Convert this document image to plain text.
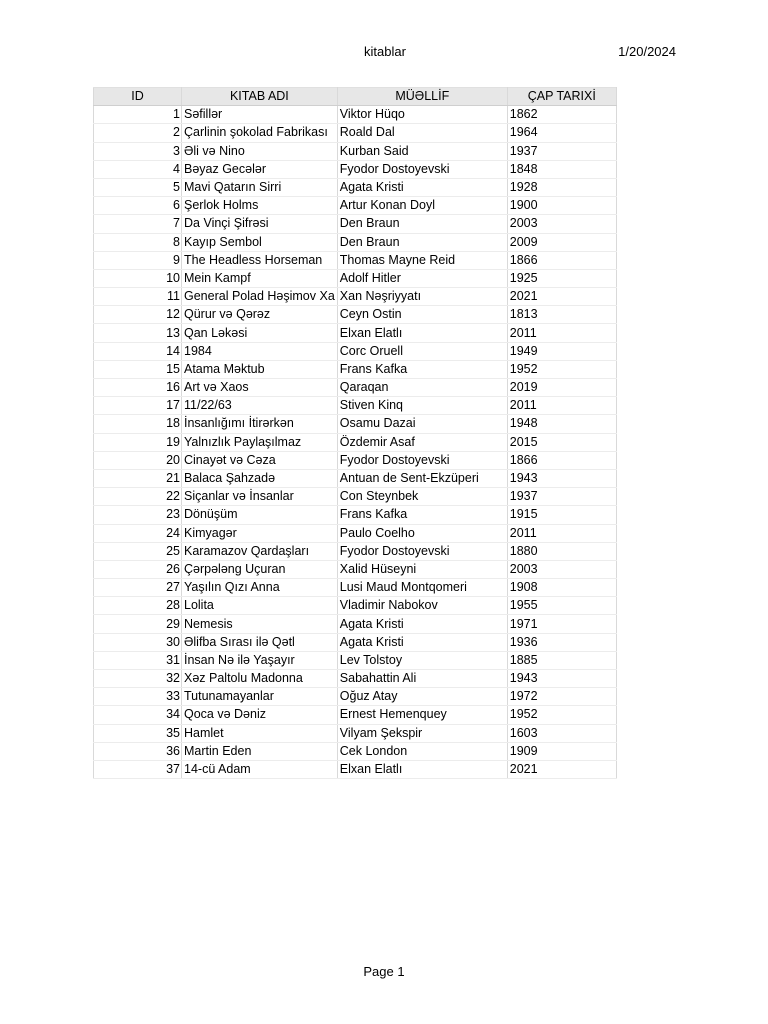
kitablar	1/20/2024
ID	KITAB ADI	MÜƏLLİF	ÇAP TARIXİ
1	Səfillər	Viktor Hüqo	1862
2	Çarlinin şokolad Fabrikası	Roald Dal	1964
3	Əli və Nino	Kurban Said	1937
4	Bəyaz Gecələr	Fyodor Dostoyevski	1848
5	Mavi Qatarın Sirri	Agata Kristi	1928
6	Şerlok Holms	Artur Konan Doyl	1900
7	Da Vinçi Şifrəsi	Den Braun	2003
8	Kayıp Sembol	Den Braun	2009
9	The Headless Horseman	Thomas Mayne Reid	1866
10	Mein Kampf	Adolf Hitler	1925
11	General Polad Həşimov Xa	Xan Nəşriyyatı	2021
12	Qürur və Qərəz	Ceyn Ostin	1813
13	Qan Ləkəsi	Elxan Elatlı	2011
14	1984	Corc Oruell	1949
15	Atama Məktub	Frans Kafka	1952
16	Art və Xaos	Qaraqan	2019
17	11/22/63	Stiven Kinq	2011
18	İnsanlığımı İtirərkən	Osamu Dazai	1948
19	Yalnızlık Paylaşılmaz	Özdemir Asaf	2015
20	Cinayət və Cəza	Fyodor Dostoyevski	1866
21	Balaca Şahzadə	Antuan de Sent-Ekzüperi	1943
22	Siçanlar və İnsanlar	Con Steynbek	1937
23	Dönüşüm	Frans Kafka	1915
24	Kimyagər	Paulo Coelho	2011
25	Karamazov Qardaşları	Fyodor Dostoyevski	1880
26	Çərpələng Uçuran	Xalid Hüseyni	2003
27	Yaşılın Qızı Anna	Lusi Maud Montqomeri	1908
28	Lolita	Vladimir Nabokov	1955
29	Nemesis	Agata Kristi	1971
30	Əlifba Sırası ilə Qətl	Agata Kristi	1936
31	İnsan Nə ilə Yaşayır	Lev Tolstoy	1885
32	Xəz Paltolu Madonna	Sabahattin Ali	1943
33	Tutunamayanlar	Oğuz Atay	1972
34	Qoca və Dəniz	Ernest Hemenquey	1952
35	Hamlet	Vilyam Şekspir	1603
36	Martin Eden	Cek London	1909
37	14-cü Adam	Elxan Elatlı	2021
Page 1
